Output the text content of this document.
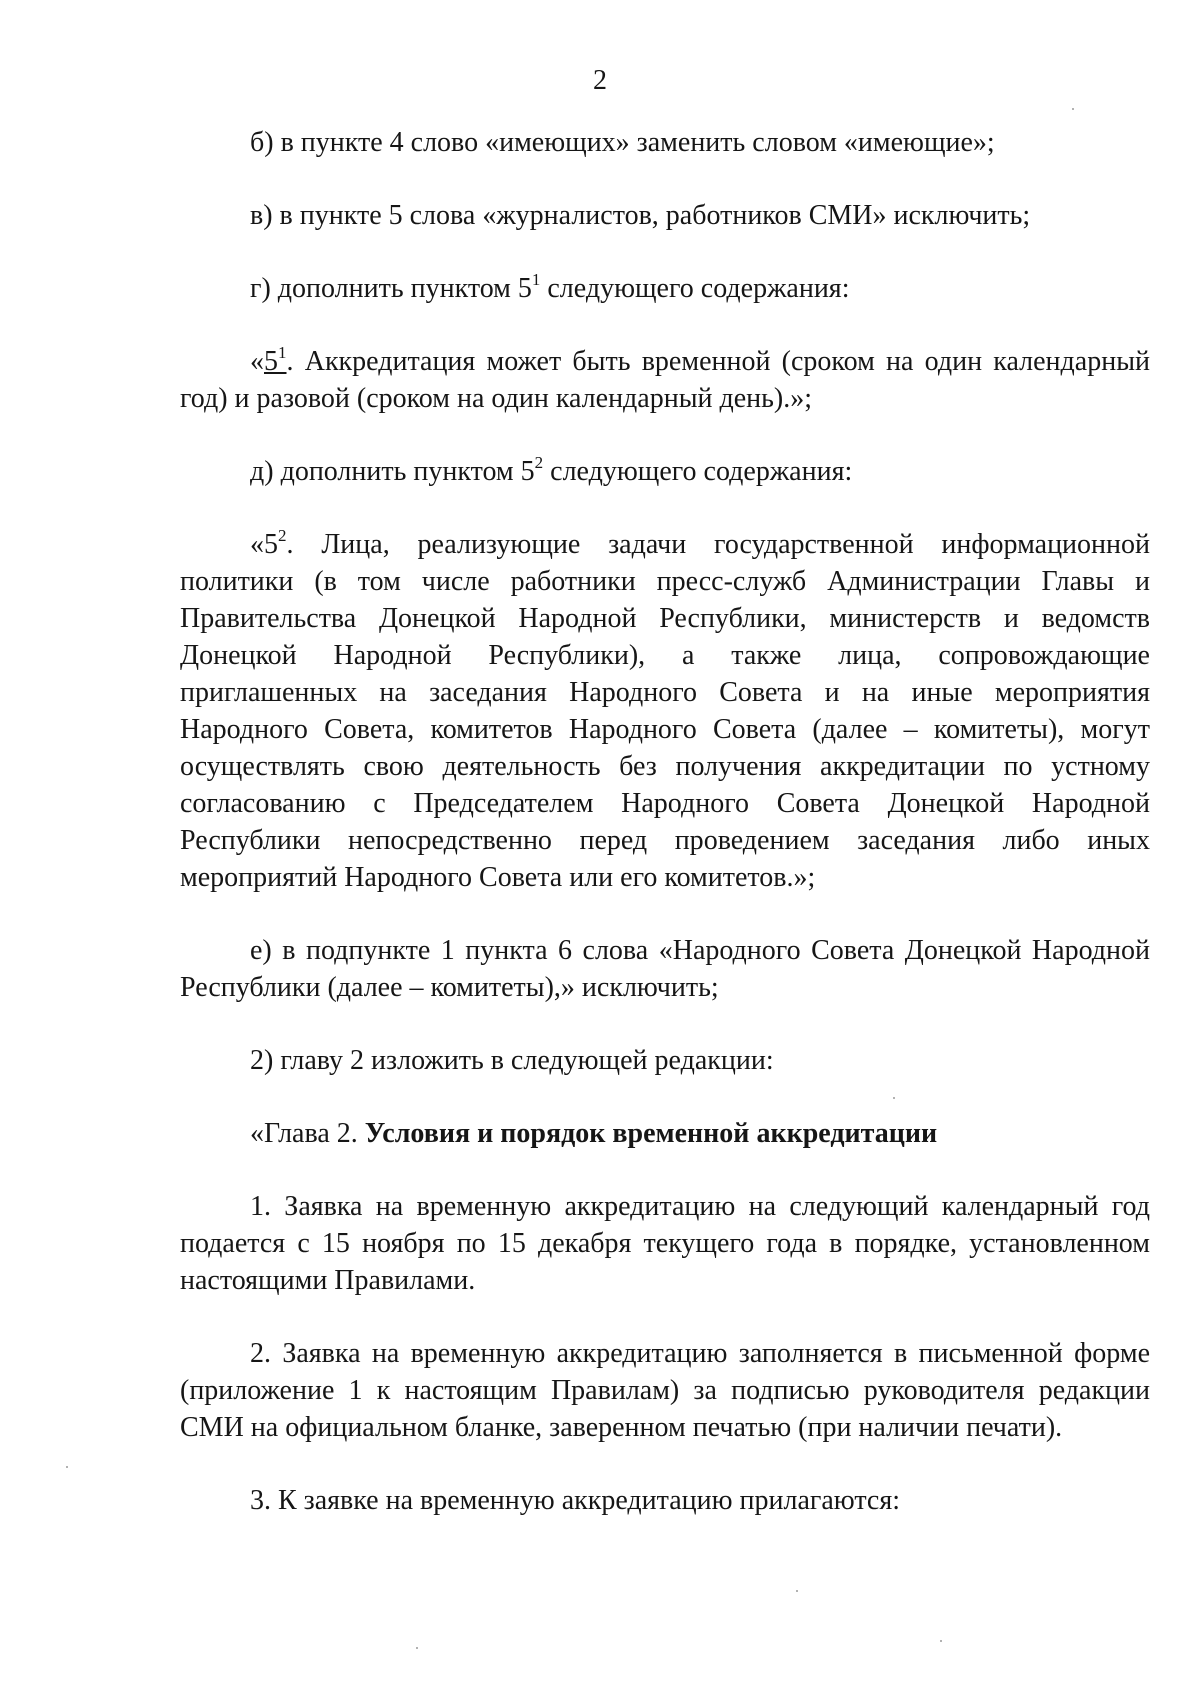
2

б) в пункте 4 слово «имеющих» заменить словом «имеющие»;

в) в пункте 5 слова «журналистов, работников СМИ» исключить;

г) дополнить пунктом $5^1$ следующего содержания:

«$5^1$. Аккредитация может быть временной (сроком на один календарный год) и разовой (сроком на один календарный день).»;

д) дополнить пунктом $5^2$ следующего содержания:

«$5^2$. Лица, реализующие задачи государственной информационной политики (в том числе работники пресс-служб Администрации Главы и Правительства Донецкой Народной Республики, министерств и ведомств Донецкой Народной Республики), а также лица, сопровождающие приглашенных на заседания Народного Совета и на иные мероприятия Народного Совета, комитетов Народного Совета (далее – комитеты), могут осуществлять свою деятельность без получения аккредитации по устному согласованию с Председателем Народного Совета Донецкой Народной Республики непосредственно перед проведением заседания либо иных мероприятий Народного Совета или его комитетов.»;

е) в подпункте 1 пункта 6 слова «Народного Совета Донецкой Народной Республики (далее – комитеты),» исключить;

2) главу 2 изложить в следующей редакции:

«Глава 2. Условия и порядок временной аккредитации

1. Заявка на временную аккредитацию на следующий календарный год подается с 15 ноября по 15 декабря текущего года в порядке, установленном настоящими Правилами.

2. Заявка на временную аккредитацию заполняется в письменной форме (приложение 1 к настоящим Правилам) за подписью руководителя редакции СМИ на официальном бланке, заверенном печатью (при наличии печати).

3. К заявке на временную аккредитацию прилагаются:
